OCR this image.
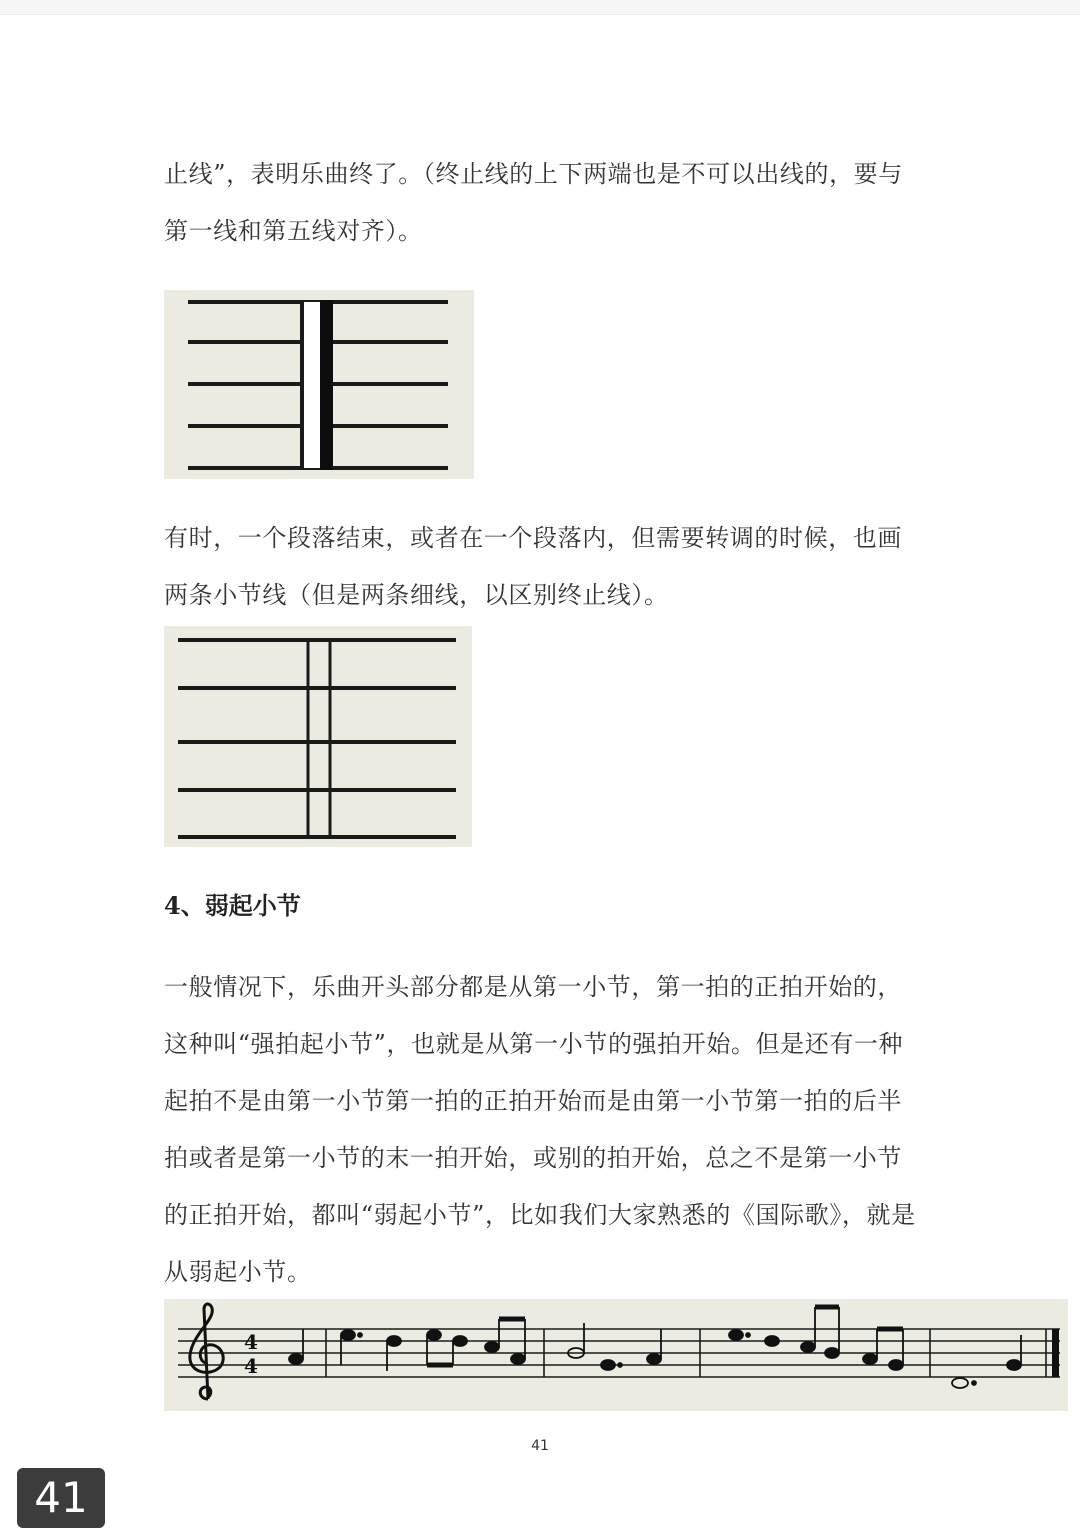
止线”，表明乐曲终了。（终止线的上下两端也是不可以出线的，要与第一线和第五线对齐）。

有时，一个段落结束，或者在一个段落内，但需要转调的时候，也画两条小节线（但是两条细线，以区别终止线）。

4、弱起小节

一般情况下，乐曲开头部分都是从第一小节，第一拍的正拍开始的，这种叫“强拍起小节”，也就是从第一小节的强拍开始。但是还有一种起拍不是由第一小节第一拍的正拍开始而是由第一小节第一拍的后半拍或者是第一小节的末一拍开始，或别的拍开始，总之不是第一小节的正拍开始，都叫“弱起小节”，比如我们大家熟悉的《国际歌》，就是从弱起小节。

4
4
41
41
